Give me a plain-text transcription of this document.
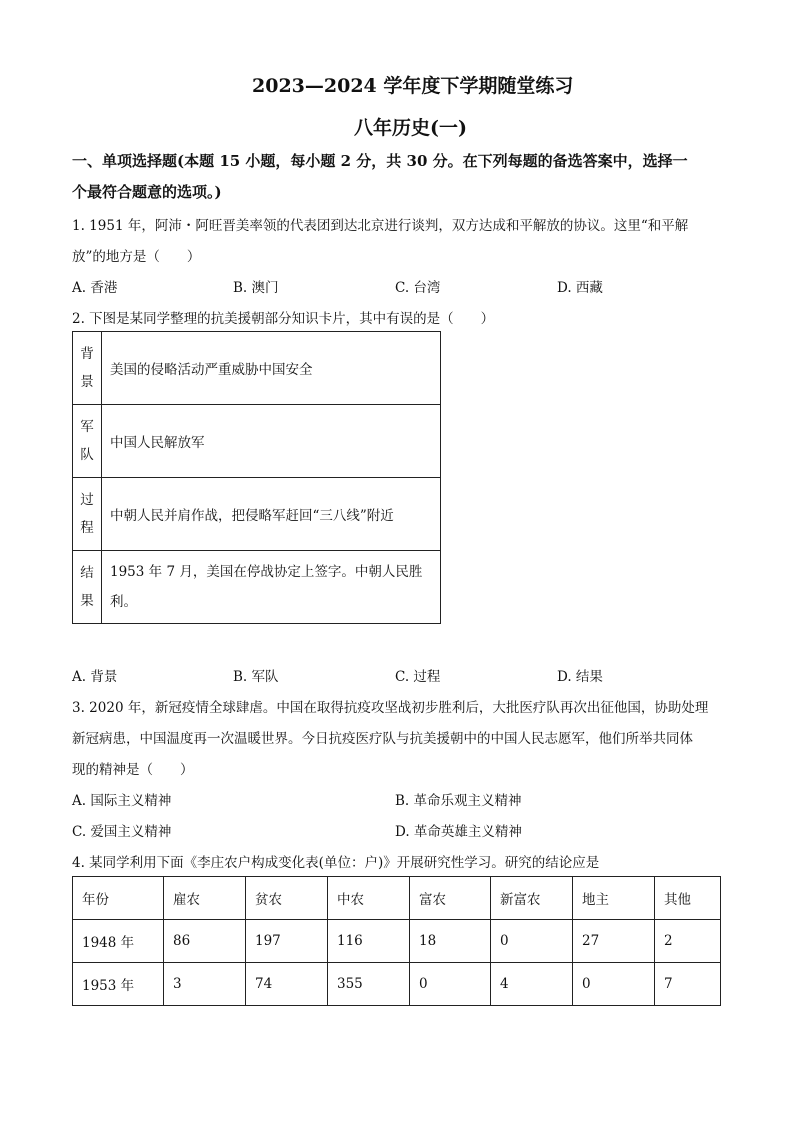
2023—2024 学年度下学期随堂练习
八年历史(一)
一、单项选择题(本题 15 小题，每小题 2 分，共 30 分。在下列每题的备选答案中，选择一
个最符合题意的选项。)
1. 1951 年，阿沛・阿旺晋美率领的代表团到达北京进行谈判，双方达成和平解放的协议。这里“和平解
放”的地方是（　　）
A. 香港	B. 澳门	C. 台湾	D. 西藏
2. 下图是某同学整理的抗美援朝部分知识卡片，其中有误的是（　　）
背
景	美国的侵略活动严重威胁中国安全
军
队	中国人民解放军
过
程	中朝人民并肩作战，把侵略军赶回“三八线”附近
结
果	1953 年 7 月，美国在停战协定上签字。中朝人民胜
利。
A. 背景	B. 军队	C. 过程	D. 结果
3. 2020 年，新冠疫情全球肆虐。中国在取得抗疫攻坚战初步胜利后，大批医疗队再次出征他国，协助处理
新冠病患，中国温度再一次温暖世界。今日抗疫医疗队与抗美援朝中的中国人民志愿军，他们所举共同体
现的精神是（　　）
A. 国际主义精神	B. 革命乐观主义精神
C. 爱国主义精神	D. 革命英雄主义精神
4. 某同学利用下面《李庄农户构成变化表(单位：户)》开展研究性学习。研究的结论应是
年份	雇农	贫农	中农	富农	新富农	地主	其他
1948 年	86	197	116	18	0	27	2
1953 年	3	74	355	0	4	0	7
